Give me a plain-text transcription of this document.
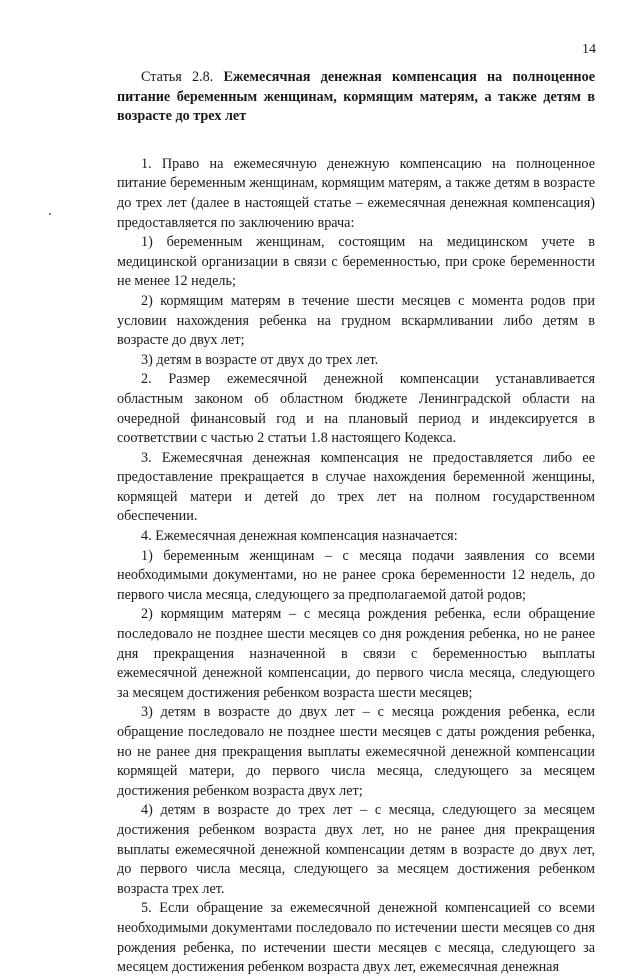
14

Статья 2.8. Ежемесячная денежная компенсация на полноценное питание беременным женщинам, кормящим матерям, а также детям в возрасте до трех лет

1. Право на ежемесячную денежную компенсацию на полноценное питание беременным женщинам, кормящим матерям, а также детям в возрасте до трех лет (далее в настоящей статье – ежемесячная денежная компенсация) предоставляется по заключению врача:

1) беременным женщинам, состоящим на медицинском учете в медицинской организации в связи с беременностью, при сроке беременности не менее 12 недель;

2) кормящим матерям в течение шести месяцев с момента родов при условии нахождения ребенка на грудном вскармливании либо детям в возрасте до двух лет;

3) детям в возрасте от двух до трех лет.

2. Размер ежемесячной денежной компенсации устанавливается областным законом об областном бюджете Ленинградской области на очередной финансовый год и на плановый период и индексируется в соответствии с частью 2 статьи 1.8 настоящего Кодекса.

3. Ежемесячная денежная компенсация не предоставляется либо ее предоставление прекращается в случае нахождения беременной женщины, кормящей матери и детей до трех лет на полном государственном обеспечении.

4. Ежемесячная денежная компенсация назначается:

1) беременным женщинам – с месяца подачи заявления со всеми необходимыми документами, но не ранее срока беременности 12 недель, до первого числа месяца, следующего за предполагаемой датой родов;

2) кормящим матерям – с месяца рождения ребенка, если обращение последовало не позднее шести месяцев со дня рождения ребенка, но не ранее дня прекращения назначенной в связи с беременностью выплаты ежемесячной денежной компенсации, до первого числа месяца, следующего за месяцем достижения ребенком возраста шести месяцев;

3) детям в возрасте до двух лет – с месяца рождения ребенка, если обращение последовало не позднее шести месяцев с даты рождения ребенка, но не ранее дня прекращения выплаты ежемесячной денежной компенсации кормящей матери, до первого числа месяца, следующего за месяцем достижения ребенком возраста двух лет;

4) детям в возрасте до трех лет – с месяца, следующего за месяцем достижения ребенком возраста двух лет, но не ранее дня прекращения выплаты ежемесячной денежной компенсации детям в возрасте до двух лет, до первого числа месяца, следующего за месяцем достижения ребенком возраста трех лет.

5. Если обращение за ежемесячной денежной компенсацией со всеми необходимыми документами последовало по истечении шести месяцев со дня рождения ребенка, по истечении шести месяцев с месяца, следующего за месяцем достижения ребенком возраста двух лет, ежемесячная денежная
